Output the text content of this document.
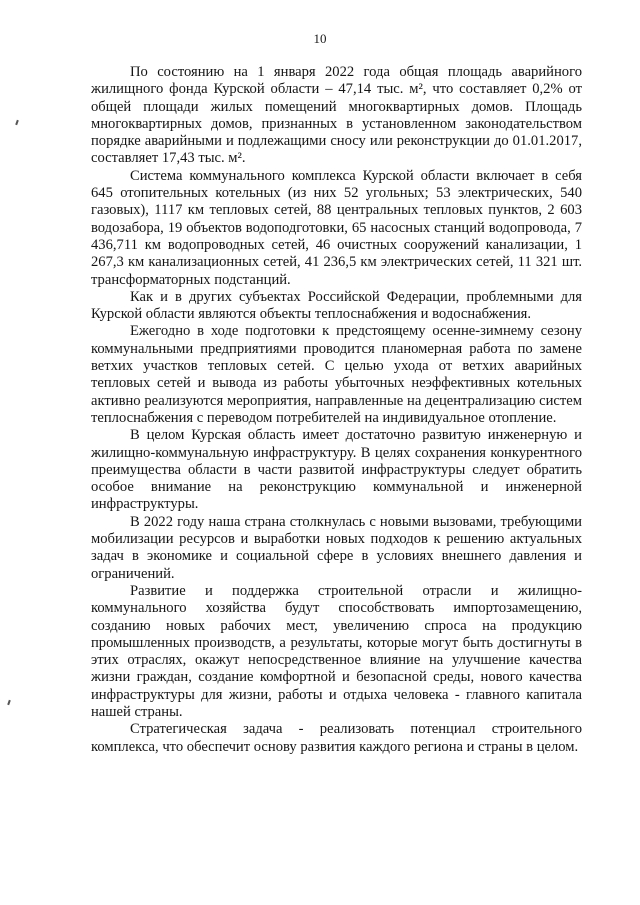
10

По состоянию на 1 января 2022 года общая площадь аварийного жилищного фонда Курской области – 47,14 тыс. м², что составляет 0,2% от общей площади жилых помещений многоквартирных домов. Площадь многоквартирных домов, признанных в установленном законодательством порядке аварийными и подлежащими сносу или реконструкции до 01.01.2017, составляет 17,43 тыс. м².

Система коммунального комплекса Курской области включает в себя 645 отопительных котельных (из них 52 угольных; 53 электрических, 540 газовых), 1117 км тепловых сетей, 88 центральных тепловых пунктов, 2 603 водозабора, 19 объектов водоподготовки, 65 насосных станций водопровода, 7 436,711 км водопроводных сетей, 46 очистных сооружений канализации, 1 267,3 км канализационных сетей, 41 236,5 км электрических сетей, 11 321 шт. трансформаторных подстанций.

Как и в других субъектах Российской Федерации, проблемными для Курской области являются объекты теплоснабжения и водоснабжения.

Ежегодно в ходе подготовки к предстоящему осенне-зимнему сезону коммунальными предприятиями проводится планомерная работа по замене ветхих участков тепловых сетей. С целью ухода от ветхих аварийных тепловых сетей и вывода из работы убыточных неэффективных котельных активно реализуются мероприятия, направленные на децентрализацию систем теплоснабжения с переводом потребителей на индивидуальное отопление.

В целом Курская область имеет достаточно развитую инженерную и жилищно-коммунальную инфраструктуру. В целях сохранения конкурентного преимущества области в части развитой инфраструктуры следует обратить особое внимание на реконструкцию коммунальной и инженерной инфраструктуры.

В 2022 году наша страна столкнулась с новыми вызовами, требующими мобилизации ресурсов и выработки новых подходов к решению актуальных задач в экономике и социальной сфере в условиях внешнего давления и ограничений.

Развитие и поддержка строительной отрасли и жилищно-коммунального хозяйства будут способствовать импортозамещению, созданию новых рабочих мест, увеличению спроса на продукцию промышленных производств, а результаты, которые могут быть достигнуты в этих отраслях, окажут непосредственное влияние на улучшение качества жизни граждан, создание комфортной и безопасной среды, нового качества инфраструктуры для жизни, работы и отдыха человека - главного капитала нашей страны.

Стратегическая задача - реализовать потенциал строительного комплекса, что обеспечит основу развития каждого региона и страны в целом.
